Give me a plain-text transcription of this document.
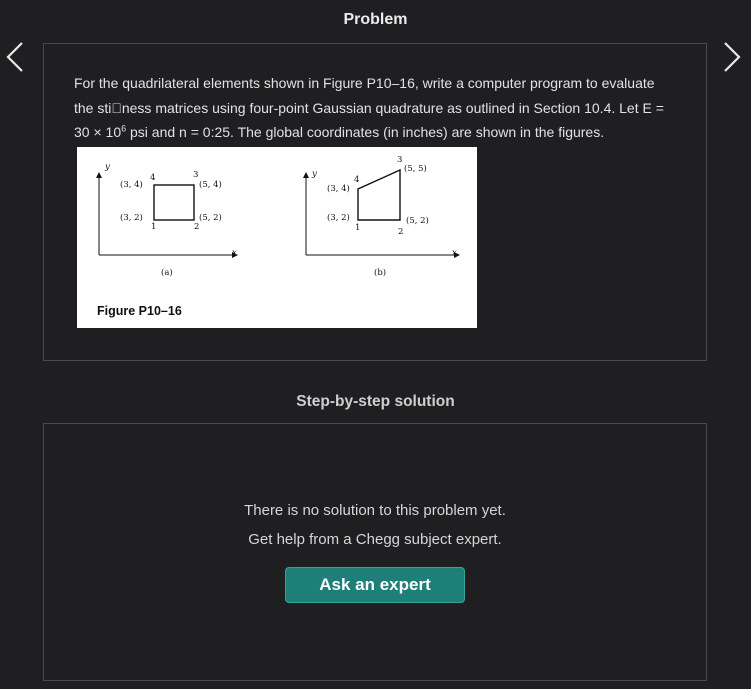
Problem
For the quadrilateral elements shown in Figure P10–16, write a computer program to evaluate
the sti ness matrices using four-point Gaussian quadrature as outlined in Section 10.4. Let E =
$30 \times 10^6$ psi and n = 0:25. The global coordinates (in inches) are shown in the figures.
y
x
(3, 4)
(3, 2)
(5, 4)
(5, 2)
4	3
1	2
(a)
y
x
(3, 4)
(3, 2)
(5, 5)
(5, 2)
4
3
1	2
(b)
Figure P10–16
Step-by-step solution
There is no solution to this problem yet.
Get help from a Chegg subject expert.
Ask an expert
